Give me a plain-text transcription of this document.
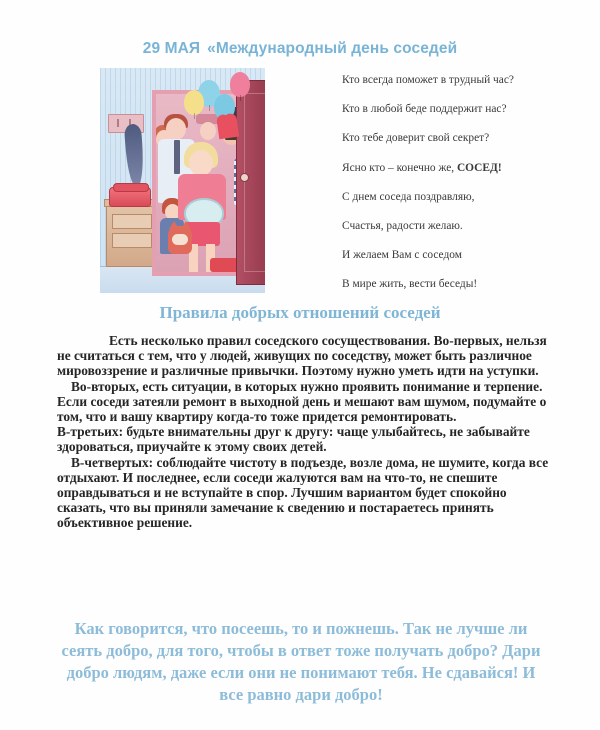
29 МАЯ «Международный день соседей
Кто всегда поможет в трудный час?
Кто в любой беде поддержит нас?
Кто тебе доверит свой секрет?
Ясно кто – конечно же, СОСЕД!
С днем соседа поздравляю,
Счастья, радости желаю.
И желаем Вам с соседом
В мире жить, вести беседы!
Правила добрых отношений соседей

Есть несколько правил соседского сосуществования. Во-первых, нельзя не считаться с тем, что у людей, живущих по соседству, может быть различное мировоззрение и различные привычки. Поэтому нужно уметь идти на уступки.

Во-вторых, есть ситуации, в которых нужно проявить понимание и терпение. Если соседи затеяли ремонт в выходной день и мешают вам шумом, подумайте о том, что и вашу квартиру когда-то тоже придется ремонтировать.

В-третьих: будьте внимательны друг к другу: чаще улыбайтесь, не забывайте здороваться, приучайте к этому своих детей.

В-четвертых: соблюдайте чистоту в подъезде, возле дома, не шумите, когда все отдыхают. И последнее, если соседи жалуются вам на что-то, не спешите оправдываться и не вступайте в спор. Лучшим вариантом будет спокойно сказать, что вы приняли замечание к сведению и постараетесь принять объективное решение.

Как говорится, что посеешь, то и пожнешь. Так не лучше ли сеять добро, для того, чтобы в ответ тоже получать добро? Дари добро людям, даже если они не понимают тебя. Не сдавайся! И все равно дари добро!
